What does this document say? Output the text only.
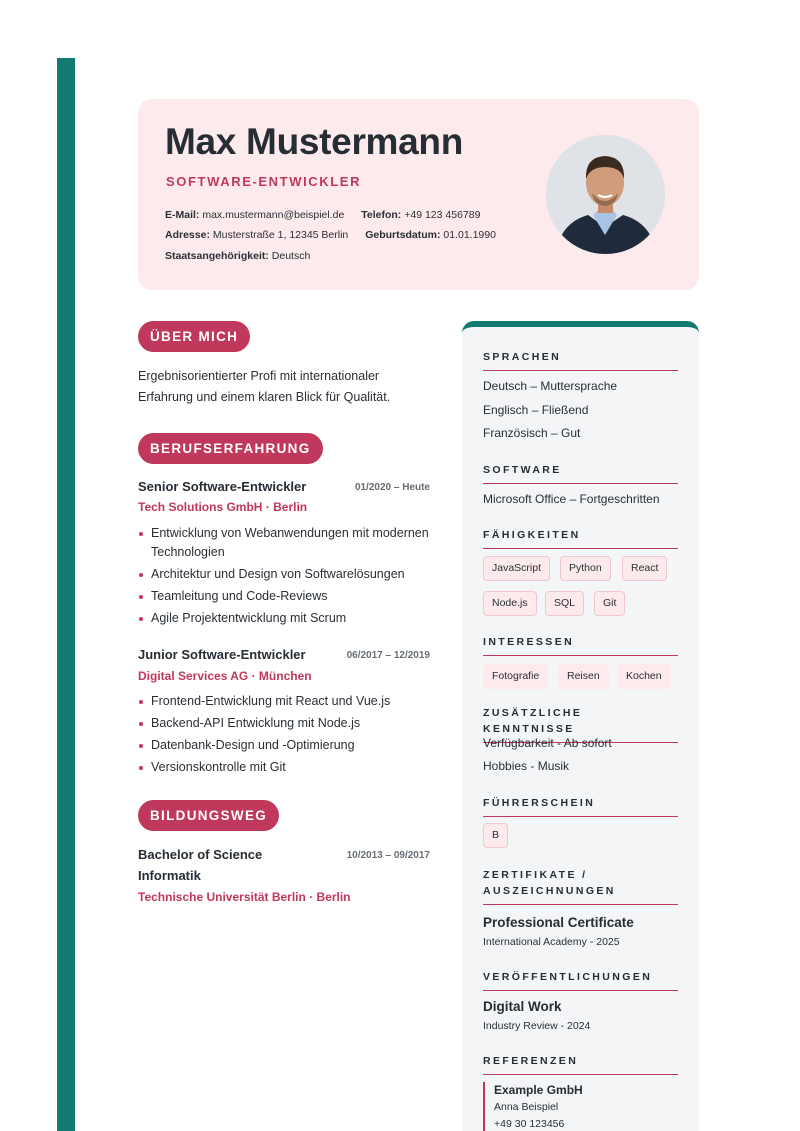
Max Mustermann
SOFTWARE-ENTWICKLER
E-Mail: max.mustermann@beispiel.de Telefon: +49 123 456789
Adresse: Musterstraße 1, 12345 Berlin Geburtsdatum: 01.01.1990
Staatsangehörigkeit: Deutsch
ÜBER MICH
Ergebnisorientierter Profi mit internationaler
Erfahrung und einem klaren Blick für Qualität.
BERUFSERFAHRUNG
Senior Software-Entwickler	01/2020 – Heute
Tech Solutions GmbH · Berlin
Entwicklung von Webanwendungen mit modernen Technologien
Architektur und Design von Softwarelösungen
Teamleitung und Code-Reviews
Agile Projektentwicklung mit Scrum
Junior Software-Entwickler	06/2017 – 12/2019
Digital Services AG · München
Frontend-Entwicklung mit React und Vue.js
Backend-API Entwicklung mit Node.js
Datenbank-Design und -Optimierung
Versionskontrolle mit Git
BILDUNGSWEG
Bachelor of Science
Informatik
10/2013 – 09/2017
Technische Universität Berlin · Berlin
SPRACHEN
Deutsch – Muttersprache
Englisch – Fließend
Französisch – Gut
SOFTWARE
Microsoft Office – Fortgeschritten
FÄHIGKEITEN
JavaScript	Python	React
Node.js	SQL	Git
INTERESSEN
Fotografie	Reisen	Kochen
ZUSÄTZLICHE KENNTNISSE
Verfügbarkeit - Ab sofort
Hobbies - Musik
FÜHRERSCHEIN
B
ZERTIFIKATE /
AUSZEICHNUNGEN
Professional Certificate
International Academy - 2025
VERÖFFENTLICHUNGEN
Digital Work
Industry Review - 2024
REFERENZEN
Example GmbH
Anna Beispiel
+49 30 123456
